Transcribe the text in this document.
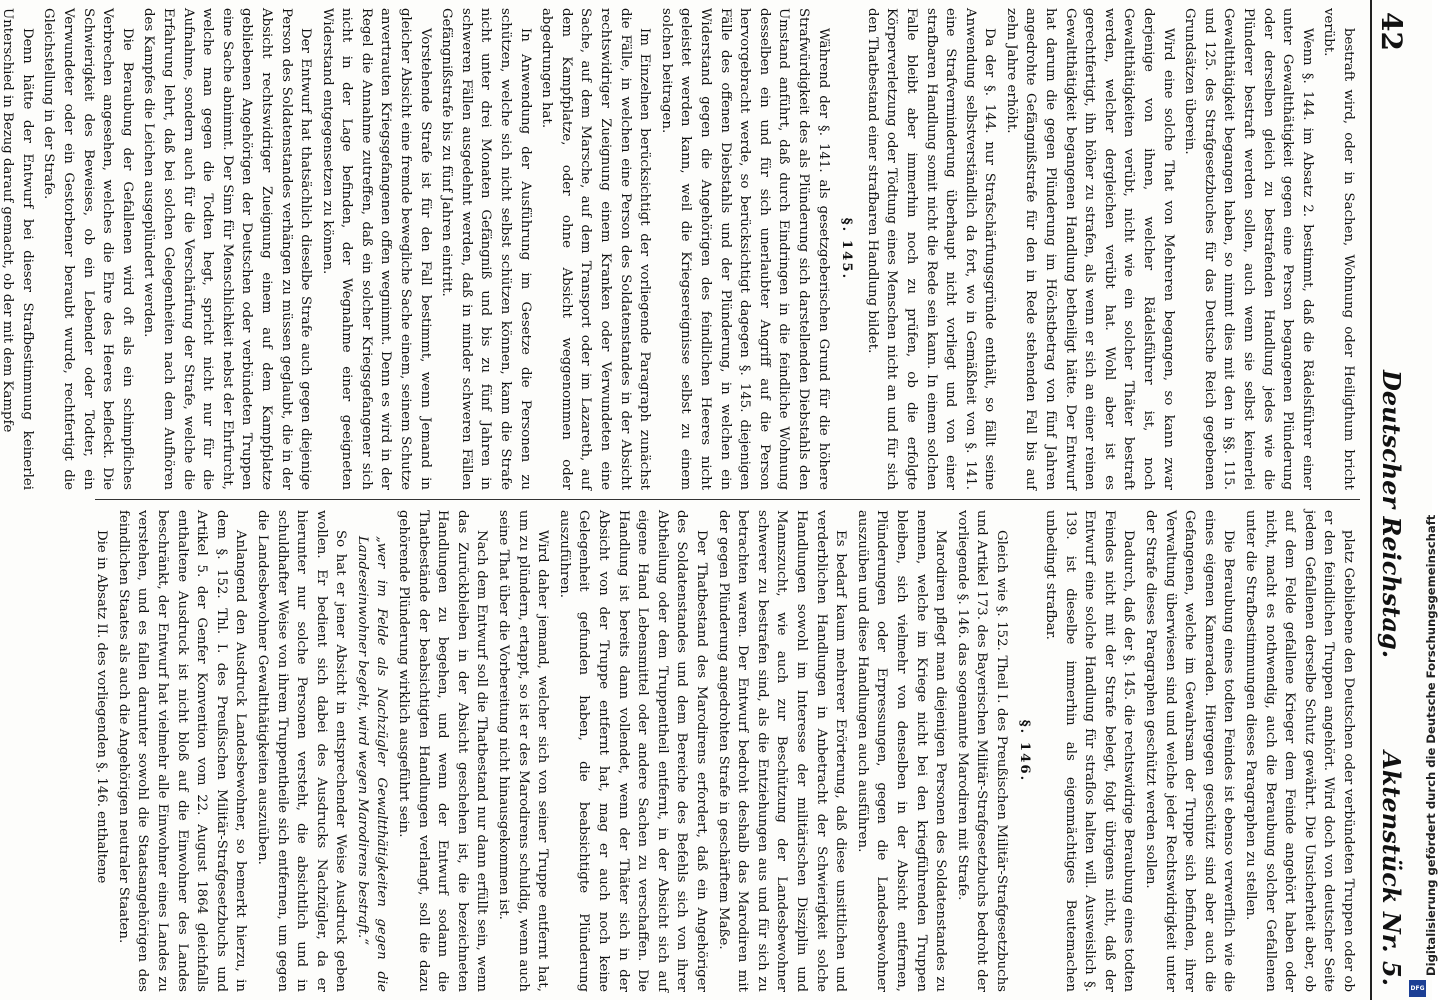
42
Deutscher Reichstag.
Aktenstück Nr. 5.

bestraft wird, oder in Sachen, Wohnung oder Heiligthum bricht verübt.

Wenn §. 144. im Absatz 2. bestimmt, daß die Rädelsführer einer unter Gewaltthätigkeit gegen eine Person begangenen Plünderung oder derselben gleich zu bestrafenden Handlung jedes wie die Plünderer bestraft werden sollen, auch wenn sie selbst keinerlei Gewaltthätigkeit begangen haben, so nimmt dies mit den in §§. 115. und 125. des Strafgesetzbuches für das Deutsche Reich gegebenen Grundsätzen überein.

Wird eine solche That von Mehreren begangen, so kann zwar derjenige von ihnen, welcher Rädelsführer ist, noch Gewaltthätigkeiten verübt, nicht wie ein solcher Thäter bestraft werden, welcher dergleichen verübt hat. Wohl aber ist es gerechtfertigt, ihn höher zu strafen, als wenn er sich an einer reinen Gewaltthätigkeit begangenen Handlung betheiligt hätte. Der Entwurf hat darum die gegen Plünderung im Höchstbetrag von fünf Jahren angedrohte Gefängnißstrafe für den in Rede stehenden Fall bis auf zehn Jahre erhöht.

Da der §. 144. nur Strafschärfungsgründe enthält, so fällt seine Anwendung selbstverständlich da fort, wo in Gemäßheit von §. 141. eine Strafverminderung überhaupt nicht vorliegt und von einer strafbaren Handlung somit nicht die Rede sein kann. In einem solchen Falle bleibt aber immerhin noch zu prüfen, ob die erfolgte Körperverletzung oder Tödtung eines Menschen nicht an und für sich den Thatbestand einer strafbaren Handlung bildet.

§. 145.

Während der §. 141. als gesetzgeberischen Grund für die höhere Strafwürdigkeit des als Plünderung sich darstellenden Diebstahls den Umstand anführt, daß durch Eindringen in die feindliche Wohnung desselben ein und für sich unerlaubter Angriff auf die Person hervorgebracht werde, so berücksichtigt dagegen §. 145. diejenigen Fälle des offenen Diebstahls und der Plünderung, in welchen ein Widerstand gegen die Angehörigen des feindlichen Heeres nicht geleistet werden kann, weil die Kriegsereignisse selbst zu einem solchen beitragen.

Im Einzelnen berücksichtigt der vorliegende Paragraph zunächst die Fälle, in welchen eine Person des Soldatenstandes in der Absicht rechtswidriger Zueignung einem Kranken oder Verwundeten eine Sache, auf dem Marsche, auf dem Transport oder im Lazareth, auf dem Kampfplatze, oder ohne Absicht weggenommen oder abgedrungen hat.

In Anwendung der Ausführung im Gesetze die Personen zu schützen, welche sich nicht selbst schützen können, kann die Strafe nicht unter drei Monaten Gefängniß und bis zu fünf Jahren in schweren Fällen ausgedehnt werden, daß in minder schweren Fällen Gefängnißstrafe bis zu fünf Jahren eintritt.

Vorstehende Strafe ist für den Fall bestimmt, wenn Jemand in gleicher Absicht eine fremde bewegliche Sache einem, seinem Schutze anvertrauten Kriegsgefangenen offen wegnimmt. Denn es wird in der Regel die Annahme zutreffen, daß ein solcher Kriegsgefangener sich nicht in der Lage befinden, der Wegnahme einer geeigneten Widerstand entgegensetzen zu können.

Der Entwurf hat thatsächlich dieselbe Strafe auch gegen diejenige Person des Soldatenstandes verhängen zu müssen geglaubt, die in der Absicht rechtswidriger Zueignung einem auf dem Kampfplatze gebliebenen Angehörigen der Deutschen oder verbündeten Truppen eine Sache abnimmt. Der Sinn für Menschlichkeit nebst der Ehrfurcht, welche man gegen die Todten hegt, spricht nicht nur für die Aufnahme, sondern auch für die Verschärfung der Strafe, welche die Erfahrung lehrt, daß bei solchen Gelegenheiten nach dem Aufhören des Kampfes die Leichen ausgeplündert werden.

Die Beraubung der Gefallenen wird oft als ein schimpfliches Verbrechen angesehen, welches die Ehre des Heeres befleckt. Die Schwierigkeit des Beweises, ob ein Lebender oder Todter, ein Verwundeter oder ein Gestorbener beraubt wurde, rechtfertigt die Gleichstellung in der Strafe.

Denn hätte der Entwurf bei dieser Strafbestimmung keinerlei Unterschied in Bezug darauf gemacht, ob der mit dem Kampfe

platz Gebliebene den Deutschen oder verbündeten Truppen oder ob er den feindlichen Truppen angehört. Wird doch von deutscher Seite jedem Gefallenen derselbe Schutz gewährt. Die Unsicherheit aber, ob auf dem Felde gefallene Krieger dem Feinde angehört haben oder nicht, macht es nothwendig, auch die Beraubung solcher Gefallenen unter die Strafbestimmungen dieses Paragraphen zu stellen.

Die Beraubung eines todten Feindes ist ebenso verwerflich wie die eines eigenen Kameraden. Hiergegen geschützt sind aber auch die Gefangenen, welche im Gewahrsam der Truppe sich befinden, ihrer Verwaltung überwiesen sind und welche jeder Rechtswidrigkeit unter der Strafe dieses Paragraphen geschützt werden sollen.

Dadurch, daß der §. 145. die rechtswidrige Beraubung eines todten Feindes nicht mit der Strafe belegt, folgt übrigens nicht, daß der Entwurf eine solche Handlung für straflos halten will. Ausweislich §. 139. ist dieselbe immerhin als eigenmächtiges Beutemachen unbedingt strafbar.

§. 146.

Gleich wie §. 152. Theil I. des Preußischen Militär-Strafgesetzbuchs und Artikel 173. des Bayerischen Militär-Strafgesetzbuchs bedroht der vorliegende §. 146. das sogenannte Marodiren mit Strafe.

Marodiren pflegt man diejenigen Personen des Soldatenstandes zu nennen, welche im Kriege nicht bei den kriegführenden Truppen bleiben, sich vielmehr von denselben in der Absicht entfernen, Plünderungen oder Erpressungen, gegen die Landesbewohner auszuüben und diese Handlungen auch ausführen.

Es bedarf kaum mehrerer Erörterung, daß diese unsittlichen und verderblichen Handlungen in Anbetracht der Schwierigkeit solche Handlungen sowohl im Interesse der militärischen Disziplin und Mannszucht, wie auch zur Beschützung der Landesbewohner schwerer zu bestrafen sind, als die Entziehungen aus und für sich zu betrachten waren. Der Entwurf bedroht deshalb das Marodiren mit der gegen Plünderung angedrohten Strafe in geschärftem Maße.

Der Thatbestand des Marodirens erfordert, daß ein Angehöriger des Soldatenstandes und dem Bereiche des Befehls sich von ihrer Abtheilung oder dem Truppentheil entfernt, in der Absicht sich auf eigene Hand Lebensmittel oder andere Sachen zu verschaffen. Die Handlung ist bereits dann vollendet, wenn der Thäter sich in der Absicht von der Truppe entfernt hat, mag er auch noch keine Gelegenheit gefunden haben, die beabsichtigte Plünderung auszuführen.

Wird daher jemand, welcher sich von seiner Truppe entfernt hat, um zu plündern, ertappt, so ist er des Marodirens schuldig, wenn auch seine That über die Vorbereitung nicht hinausgekommen ist.

Nach dem Entwurf soll die Thatbestand nur dann erfüllt sein, wenn das Zurückbleiben in der Absicht geschehen ist, die bezeichneten Handlungen zu begehen, und wenn der Entwurf sodann die Thatbestände der beabsichtigten Handlungen verlangt, soll die dazu gehörende Plünderung wirklich ausgeführt sein.

„wer im Felde als Nachzügler Gewaltthätigkeiten gegen die Landeseinwohner begeht, wird wegen Marodirens bestraft.“

So hat er jener Absicht in entsprechender Weise Ausdruck geben wollen. Er bedient sich dabei des Ausdrucks Nachzügler, da er hierunter nur solche Personen versteht, die absichtlich und in schuldhafter Weise von ihrem Truppentheile sich entfernen, um gegen die Landesbewohner Gewaltthätigkeiten auszuüben.

Anlangend den Ausdruck Landesbewohner, so bemerkt hierzu, in dem §. 152. Thl. I. des Preußischen Militär-Strafgesetzbuchs und Artikel 5. der Genfer Konvention vom 22. August 1864 gleichfalls enthaltene Ausdruck ist nicht bloß auf die Einwohner des Landes beschränkt, der Entwurf hat vielmehr alle Einwohner eines Landes zu verstehen, und es fallen darunter sowohl die Staatsangehörigen des feindlichen Staates als auch die Angehörigen neutraler Staaten.

Die in Absatz II. des vorliegenden §. 146. enthaltene	Digitalisierung gefördert durch die Deutsche Forschungsgemeinschaft
DFG
